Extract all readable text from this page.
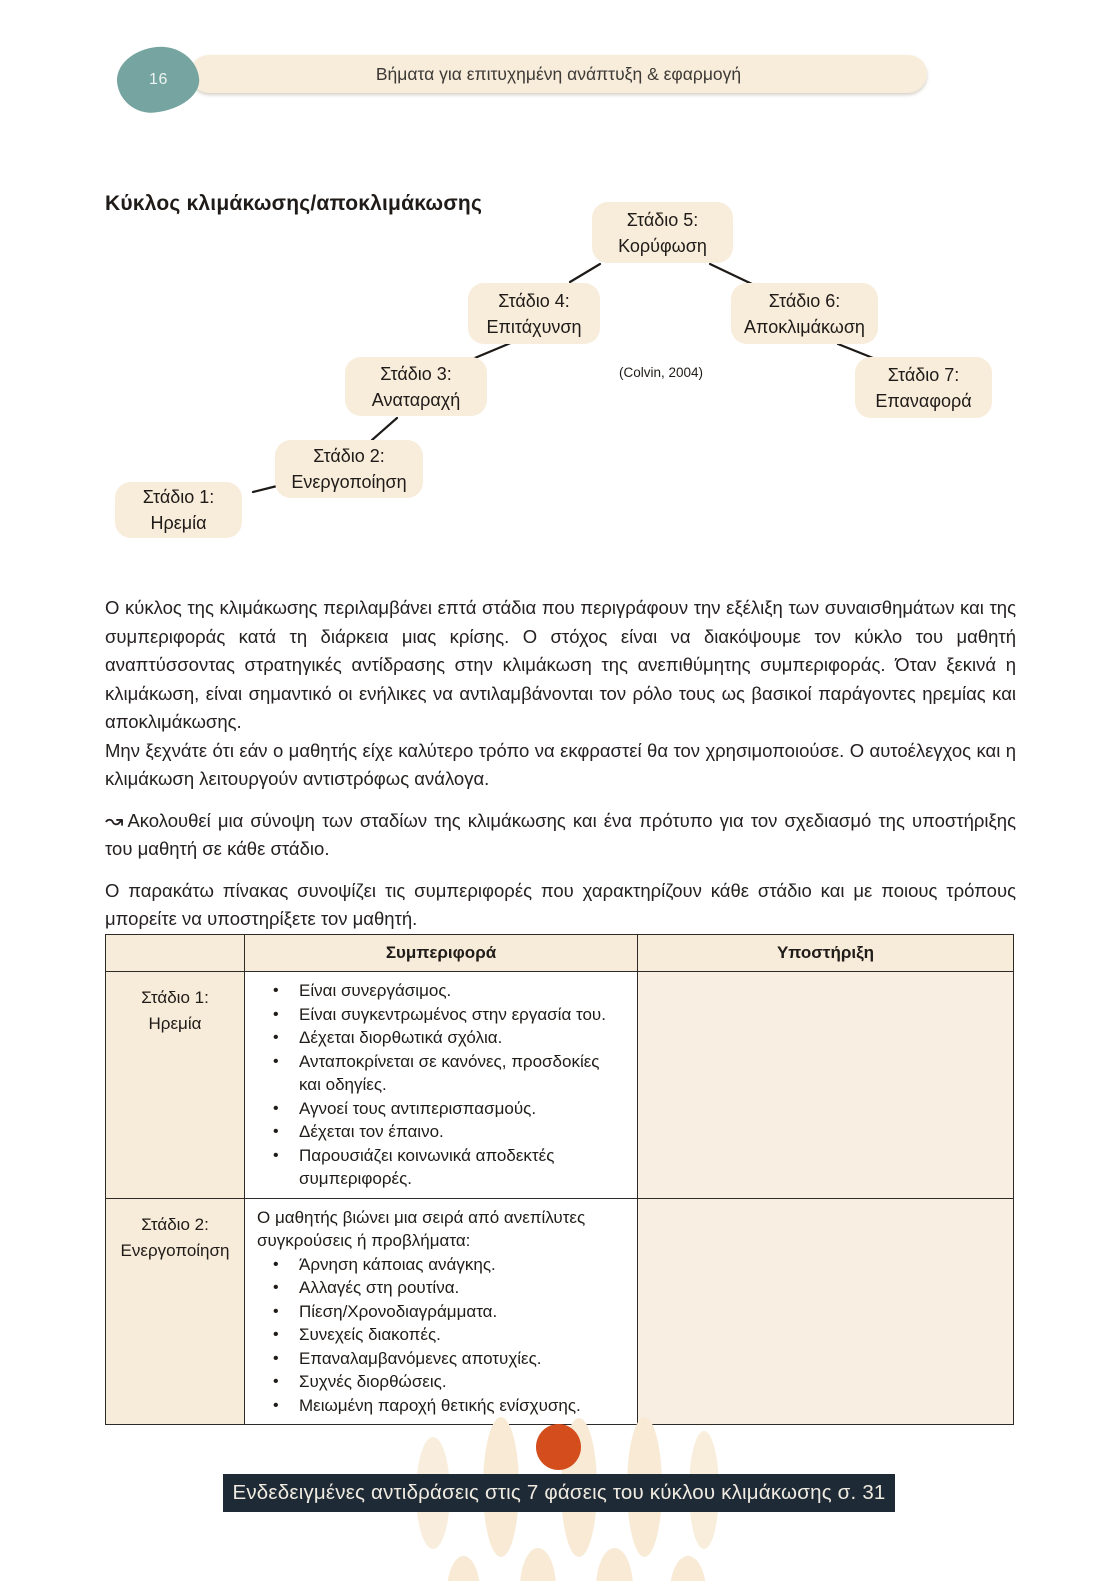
Βήματα για επιτυχημένη ανάπτυξη & εφαρμογή
16
Κύκλος κλιμάκωσης/αποκλιμάκωσης
Στάδιο 1:
Ηρεμία
Στάδιο 2:
Ενεργοποίηση
Στάδιο 3:
Αναταραχή
Στάδιο 4:
Επιτάχυνση
Στάδιο 5:
Κορύφωση
Στάδιο 6:
Αποκλιμάκωση
Στάδιο 7:
Επαναφορά
(Colvin, 2004)

Ο κύκλος της κλιμάκωσης περιλαμβάνει επτά στάδια που περιγράφουν την εξέλιξη των συναισθημάτων και της συμπεριφοράς κατά τη διάρκεια μιας κρίσης. Ο στόχος είναι να διακόψουμε τον κύκλο του μαθητή αναπτύσσοντας στρατηγικές αντίδρασης στην κλιμάκωση της ανεπιθύμητης συμπεριφοράς. Όταν ξεκινά η κλιμάκωση, είναι σημαντικό οι ενήλικες να αντιλαμβάνονται τον ρόλο τους ως βασικοί παράγοντες ηρεμίας και αποκλιμάκωσης.

Μην ξεχνάτε ότι εάν ο μαθητής είχε καλύτερο τρόπο να εκφραστεί θα τον χρησιμοποιούσε. Ο αυτοέλεγχος και η κλιμάκωση λειτουργούν αντιστρόφως ανάλογα.

↝ Ακολουθεί μια σύνοψη των σταδίων της κλιμάκωσης και ένα πρότυπο για τον σχεδιασμό της υποστήριξης του μαθητή σε κάθε στάδιο.

Ο παρακάτω πίνακας συνοψίζει τις συμπεριφορές που χαρακτηρίζουν κάθε στάδιο και με ποιους τρόπους μπορείτε να υποστηρίξετε τον μαθητή.

	Συμπεριφορά	Υποστήριξη

Στάδιο 1:
Ηρεμία

• Είναι συνεργάσιμος.
• Είναι συγκεντρωμένος στην εργασία του.
• Δέχεται διορθωτικά σχόλια.
• Ανταποκρίνεται σε κανόνες, προσδοκίες και οδηγίες.
• Αγνοεί τους αντιπερισπασμούς.
• Δέχεται τον έπαινο.
• Παρουσιάζει κοινωνικά αποδεκτές συμπεριφορές.

Στάδιο 2:
Ενεργοποίηση

Ο μαθητής βιώνει μια σειρά από ανεπίλυτες συγκρούσεις ή προβλήματα:

• Άρνηση κάποιας ανάγκης.
• Αλλαγές στη ρουτίνα.
• Πίεση/Χρονοδιαγράμματα.
• Συνεχείς διακοπές.
• Επαναλαμβανόμενες αποτυχίες.
• Συχνές διορθώσεις.
• Μειωμένη παροχή θετικής ενίσχυσης.

Ενδεδειγμένες αντιδράσεις στις 7 φάσεις του κύκλου κλιμάκωσης σ. 31
